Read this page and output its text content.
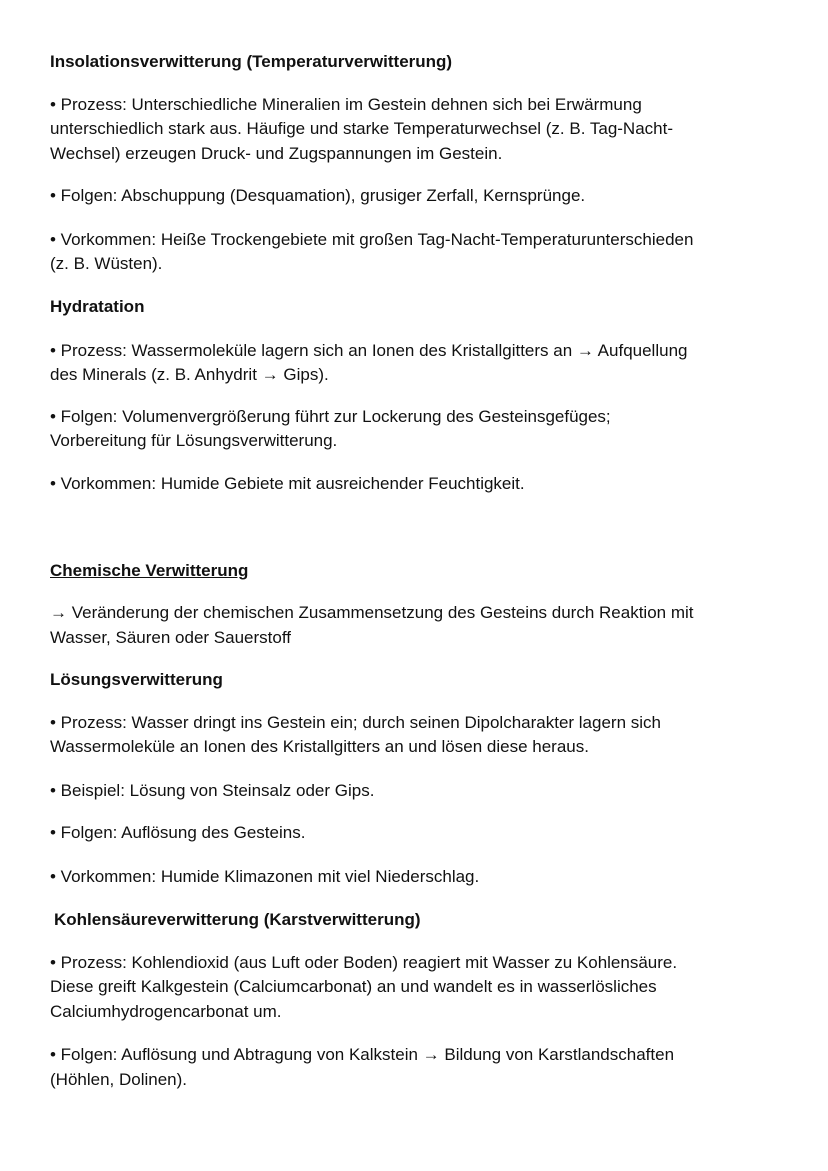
Insolationsverwitterung (Temperaturverwitterung)
• Prozess: Unterschiedliche Mineralien im Gestein dehnen sich bei Erwärmung
unterschiedlich stark aus. Häufige und starke Temperaturwechsel (z. B. Tag-Nacht-
Wechsel) erzeugen Druck- und Zugspannungen im Gestein.
• Folgen: Abschuppung (Desquamation), grusiger Zerfall, Kernsprünge.
• Vorkommen: Heiße Trockengebiete mit großen Tag-Nacht-Temperaturunterschieden
(z. B. Wüsten).
Hydratation
• Prozess: Wassermoleküle lagern sich an Ionen des Kristallgitters an → Aufquellung
des Minerals (z. B. Anhydrit → Gips).
• Folgen: Volumenvergrößerung führt zur Lockerung des Gesteinsgefüges;
Vorbereitung für Lösungsverwitterung.
• Vorkommen: Humide Gebiete mit ausreichender Feuchtigkeit.
Chemische Verwitterung
→ Veränderung der chemischen Zusammensetzung des Gesteins durch Reaktion mit
Wasser, Säuren oder Sauerstoff
Lösungsverwitterung
• Prozess: Wasser dringt ins Gestein ein; durch seinen Dipolcharakter lagern sich
Wassermoleküle an Ionen des Kristallgitters an und lösen diese heraus.
• Beispiel: Lösung von Steinsalz oder Gips.
• Folgen: Auflösung des Gesteins.
• Vorkommen: Humide Klimazonen mit viel Niederschlag.
Kohlensäureverwitterung (Karstverwitterung)
• Prozess: Kohlendioxid (aus Luft oder Boden) reagiert mit Wasser zu Kohlensäure.
Diese greift Kalkgestein (Calciumcarbonat) an und wandelt es in wasserlösliches
Calciumhydrogencarbonat um.
• Folgen: Auflösung und Abtragung von Kalkstein → Bildung von Karstlandschaften
(Höhlen, Dolinen).
